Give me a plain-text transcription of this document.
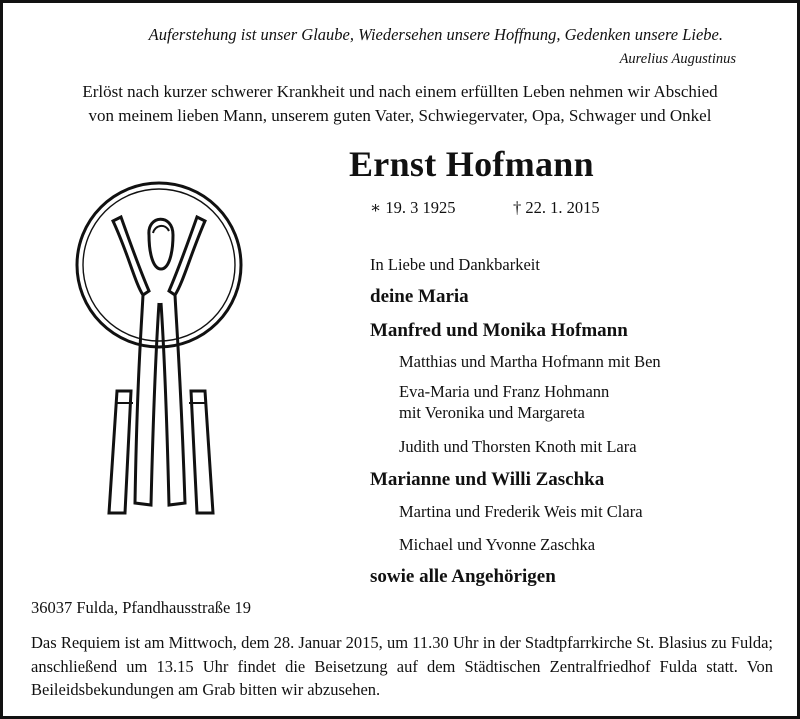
Auferstehung ist unser Glaube, Wiedersehen unsere Hoffnung, Gedenken unsere Liebe.
Aurelius Augustinus
Erlöst nach kurzer schwerer Krankheit und nach einem erfüllten Leben nehmen wir Abschied
von meinem lieben Mann, unserem guten Vater, Schwiegervater, Opa, Schwager und Onkel
Ernst Hofmann
∗ 19. 3 1925	† 22. 1. 2015
In Liebe und Dankbarkeit
deine Maria
Manfred und Monika Hofmann
Matthias und Martha Hofmann mit Ben
Eva-Maria und Franz Hohmann
mit Veronika und Margareta
Judith und Thorsten Knoth mit Lara
Marianne und Willi Zaschka
Martina und Frederik Weis mit Clara
Michael und Yvonne Zaschka
sowie alle Angehörigen
36037 Fulda, Pfandhausstraße 19
Das Requiem ist am Mittwoch, dem 28. Januar 2015, um 11.30 Uhr in der Stadtpfarrkirche St. Blasius zu Fulda; anschließend um 13.15 Uhr findet die Beisetzung auf dem Städtischen Zentralfriedhof Fulda statt. Von Beileidsbekundungen am Grab bitten wir abzusehen.
